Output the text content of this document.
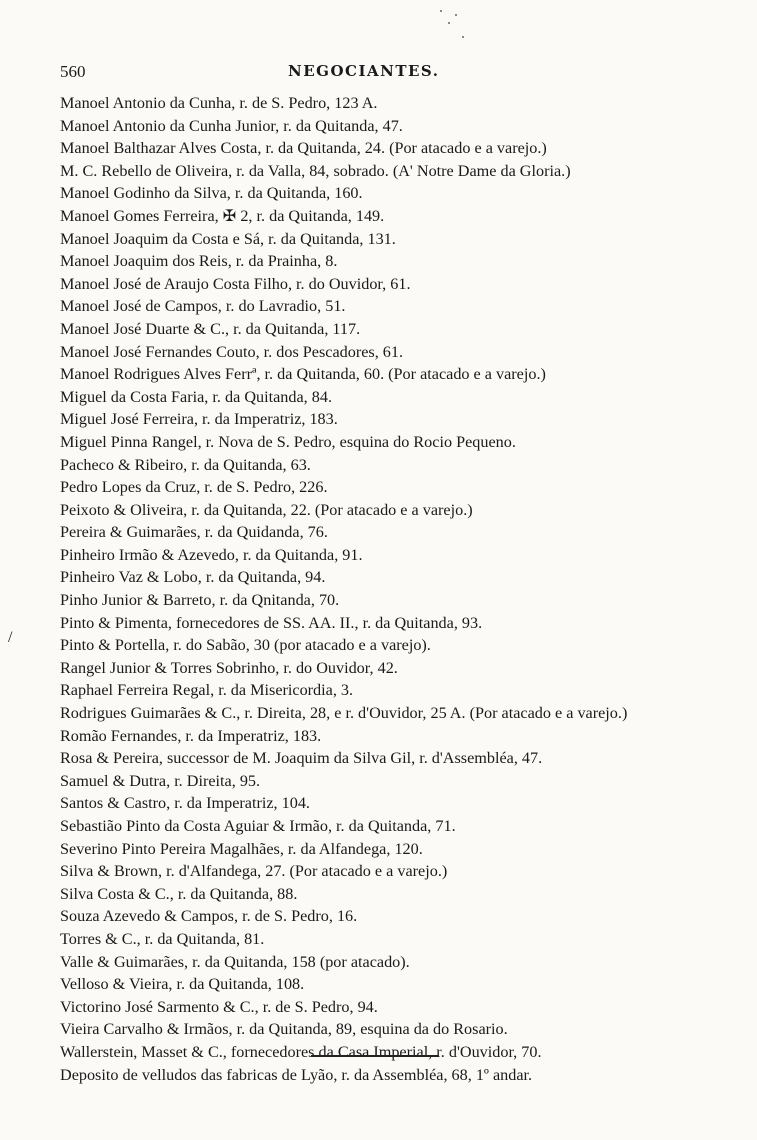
560	NEGOCIANTES.
/
Manoel Antonio da Cunha, r. de S. Pedro, 123 A.
Manoel Antonio da Cunha Junior, r. da Quitanda, 47.
Manoel Balthazar Alves Costa, r. da Quitanda, 24. (Por atacado e a varejo.)
M. C. Rebello de Oliveira, r. da Valla, 84, sobrado. (A' Notre Dame da Gloria.)
Manoel Godinho da Silva, r. da Quitanda, 160.
Manoel Gomes Ferreira, ✠ 2, r. da Quitanda, 149.
Manoel Joaquim da Costa e Sá, r. da Quitanda, 131.
Manoel Joaquim dos Reis, r. da Prainha, 8.
Manoel José de Araujo Costa Filho, r. do Ouvidor, 61.
Manoel José de Campos, r. do Lavradio, 51.
Manoel José Duarte & C., r. da Quitanda, 117.
Manoel José Fernandes Couto, r. dos Pescadores, 61.
Manoel Rodrigues Alves Ferrª, r. da Quitanda, 60. (Por atacado e a varejo.)
Miguel da Costa Faria, r. da Quitanda, 84.
Miguel José Ferreira, r. da Imperatriz, 183.
Miguel Pinna Rangel, r. Nova de S. Pedro, esquina do Rocio Pequeno.
Pacheco & Ribeiro, r. da Quitanda, 63.
Pedro Lopes da Cruz, r. de S. Pedro, 226.
Peixoto & Oliveira, r. da Quitanda, 22. (Por atacado e a varejo.)
Pereira & Guimarães, r. da Quidanda, 76.
Pinheiro Irmão & Azevedo, r. da Quitanda, 91.
Pinheiro Vaz & Lobo, r. da Quitanda, 94.
Pinho Junior & Barreto, r. da Qnitanda, 70.
Pinto & Pimenta, fornecedores de SS. AA. II., r. da Quitanda, 93.
Pinto & Portella, r. do Sabão, 30 (por atacado e a varejo).
Rangel Junior & Torres Sobrinho, r. do Ouvidor, 42.
Raphael Ferreira Regal, r. da Misericordia, 3.
Rodrigues Guimarães & C., r. Direita, 28, e r. d'Ouvidor, 25 A. (Por atacado e a varejo.)
Romão Fernandes, r. da Imperatriz, 183.
Rosa & Pereira, successor de M. Joaquim da Silva Gil, r. d'Assembléa, 47.
Samuel & Dutra, r. Direita, 95.
Santos & Castro, r. da Imperatriz, 104.
Sebastião Pinto da Costa Aguiar & Irmão, r. da Quitanda, 71.
Severino Pinto Pereira Magalhães, r. da Alfandega, 120.
Silva & Brown, r. d'Alfandega, 27. (Por atacado e a varejo.)
Silva Costa & C., r. da Quitanda, 88.
Souza Azevedo & Campos, r. de S. Pedro, 16.
Torres & C., r. da Quitanda, 81.
Valle & Guimarães, r. da Quitanda, 158 (por atacado).
Velloso & Vieira, r. da Quitanda, 108.
Victorino José Sarmento & C., r. de S. Pedro, 94.
Vieira Carvalho & Irmãos, r. da Quitanda, 89, esquina da do Rosario.
Wallerstein, Masset & C., fornecedores da Casa Imperial, r. d'Ouvidor, 70.
Deposito de velludos das fabricas de Lyão, r. da Assembléa, 68, 1º andar.
